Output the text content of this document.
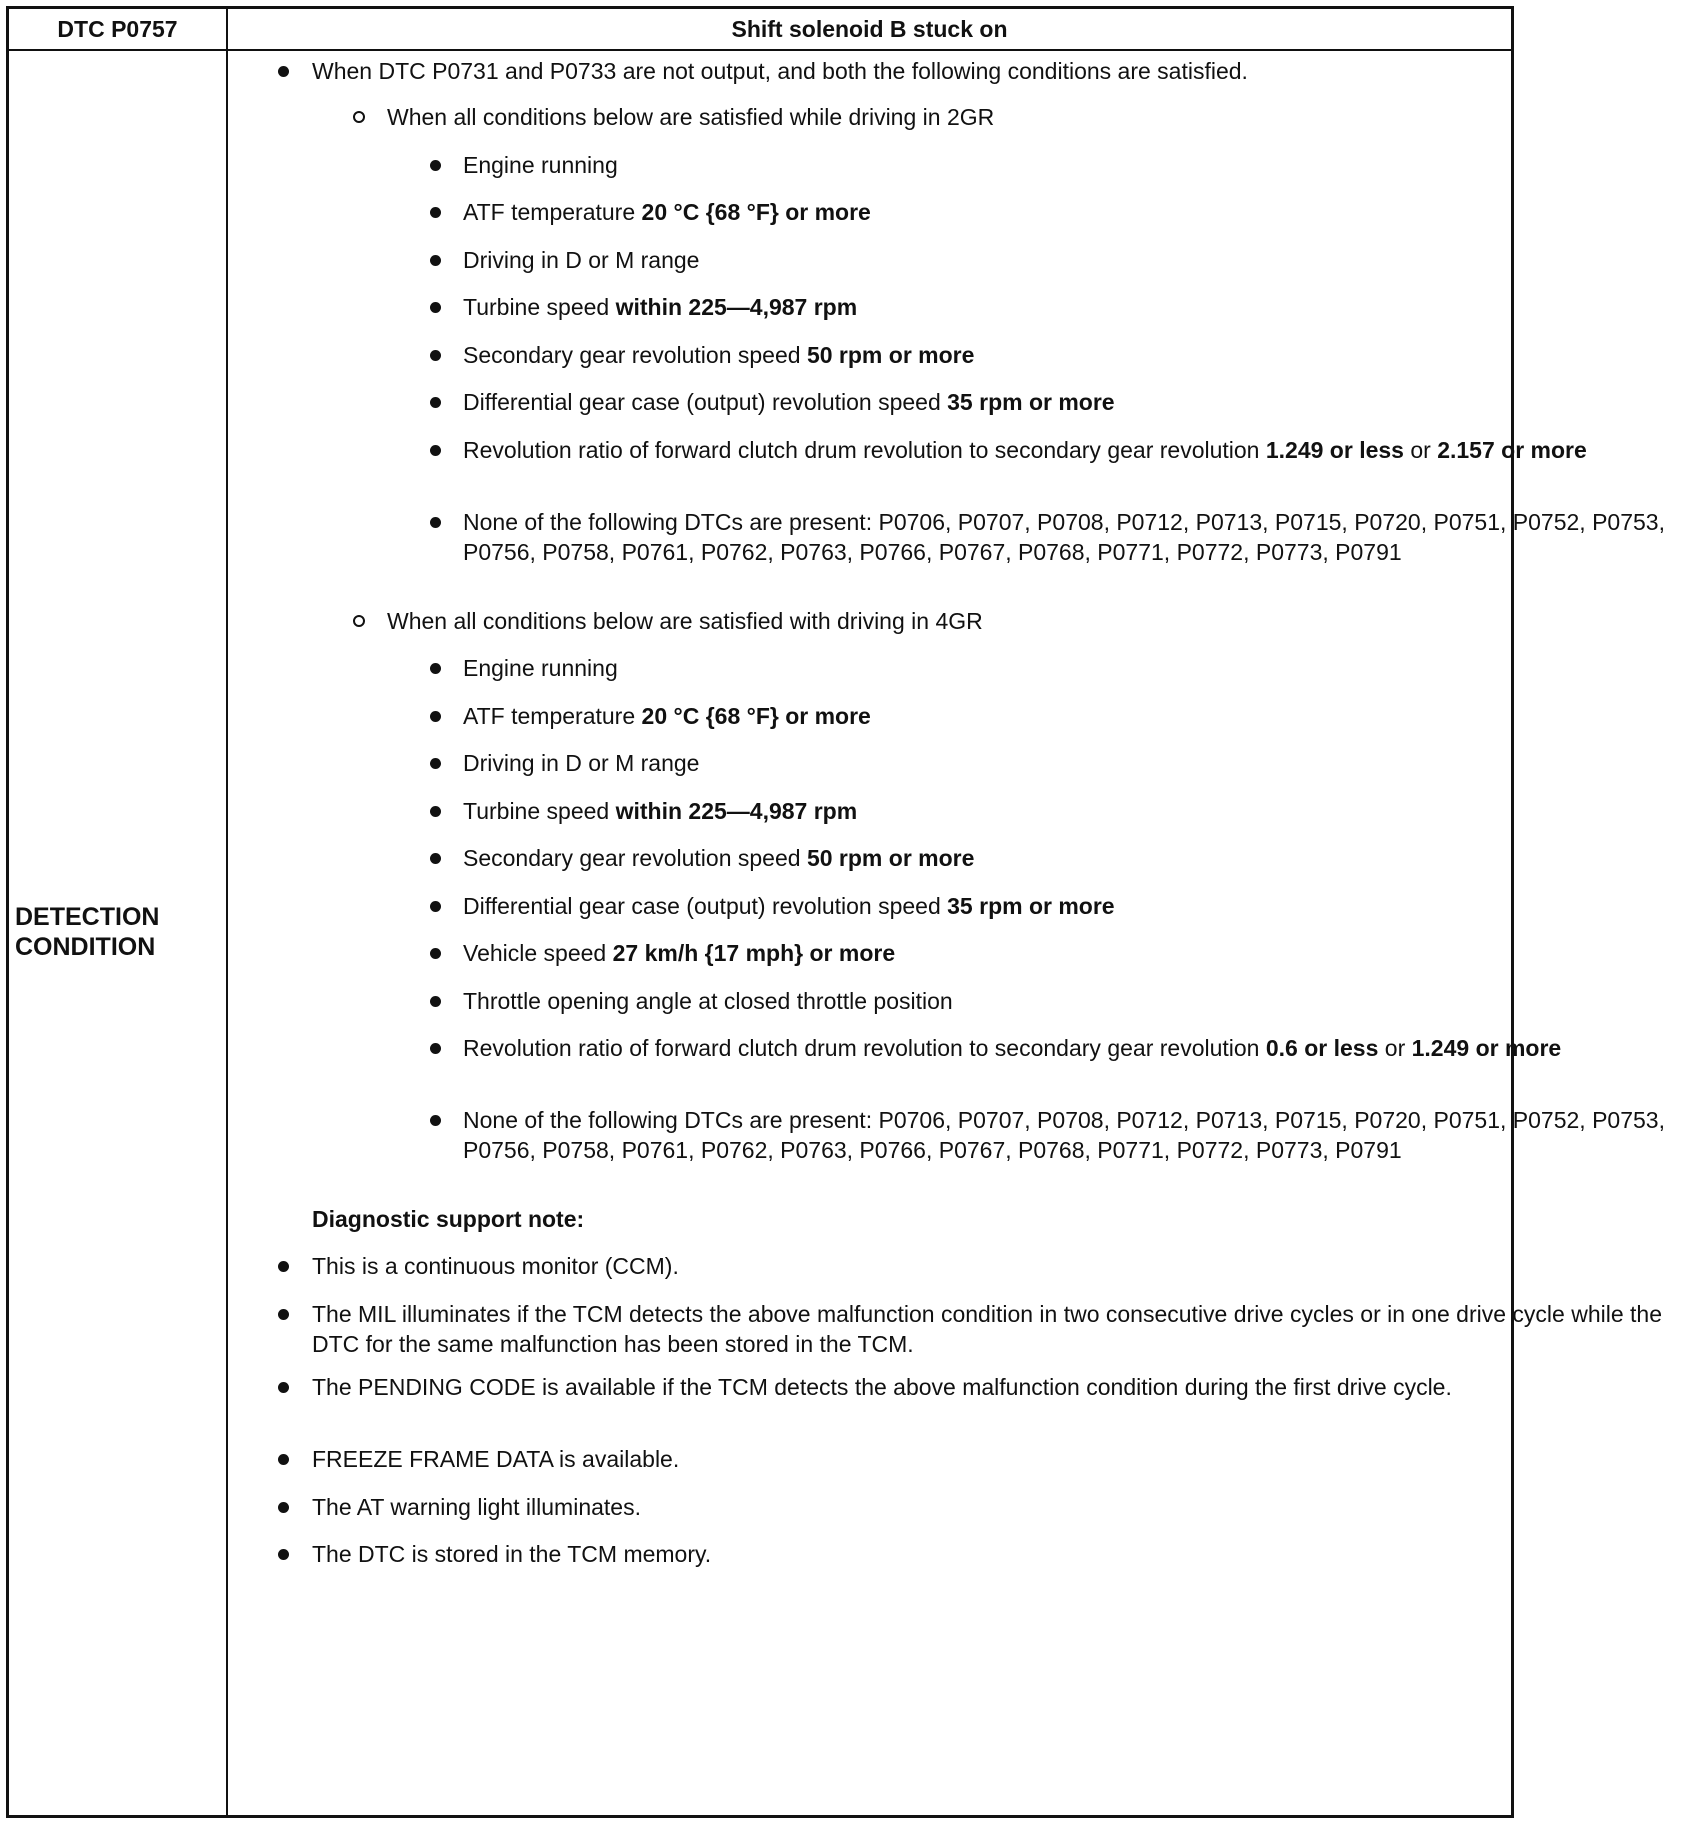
DTC P0757	Shift solenoid B stuck on
DETECTION
CONDITION
When DTC P0731 and P0733 are not output, and both the following conditions are satisfied.
When all conditions below are satisfied while driving in 2GR
Engine running
ATF temperature 20 °C {68 °F} or more
Driving in D or M range
Turbine speed within 225—4,987 rpm
Secondary gear revolution speed 50 rpm or more
Differential gear case (output) revolution speed 35 rpm or more
Revolution ratio of forward clutch drum revolution to secondary gear revolution 1.249 or less or 2.157 or more
None of the following DTCs are present: P0706, P0707, P0708, P0712, P0713, P0715, P0720, P0751, P0752, P0753, P0756, P0758, P0761, P0762, P0763, P0766, P0767, P0768, P0771, P0772, P0773, P0791
When all conditions below are satisfied with driving in 4GR
Engine running
ATF temperature 20 °C {68 °F} or more
Driving in D or M range
Turbine speed within 225—4,987 rpm
Secondary gear revolution speed 50 rpm or more
Differential gear case (output) revolution speed 35 rpm or more
Vehicle speed 27 km/h {17 mph} or more
Throttle opening angle at closed throttle position
Revolution ratio of forward clutch drum revolution to secondary gear revolution 0.6 or less or 1.249 or more
None of the following DTCs are present: P0706, P0707, P0708, P0712, P0713, P0715, P0720, P0751, P0752, P0753, P0756, P0758, P0761, P0762, P0763, P0766, P0767, P0768, P0771, P0772, P0773, P0791
Diagnostic support note:
This is a continuous monitor (CCM).
The MIL illuminates if the TCM detects the above malfunction condition in two consecutive drive cycles or in one drive cycle while the DTC for the same malfunction has been stored in the TCM.
The PENDING CODE is available if the TCM detects the above malfunction condition during the first drive cycle.
FREEZE FRAME DATA is available.
The AT warning light illuminates.
The DTC is stored in the TCM memory.
